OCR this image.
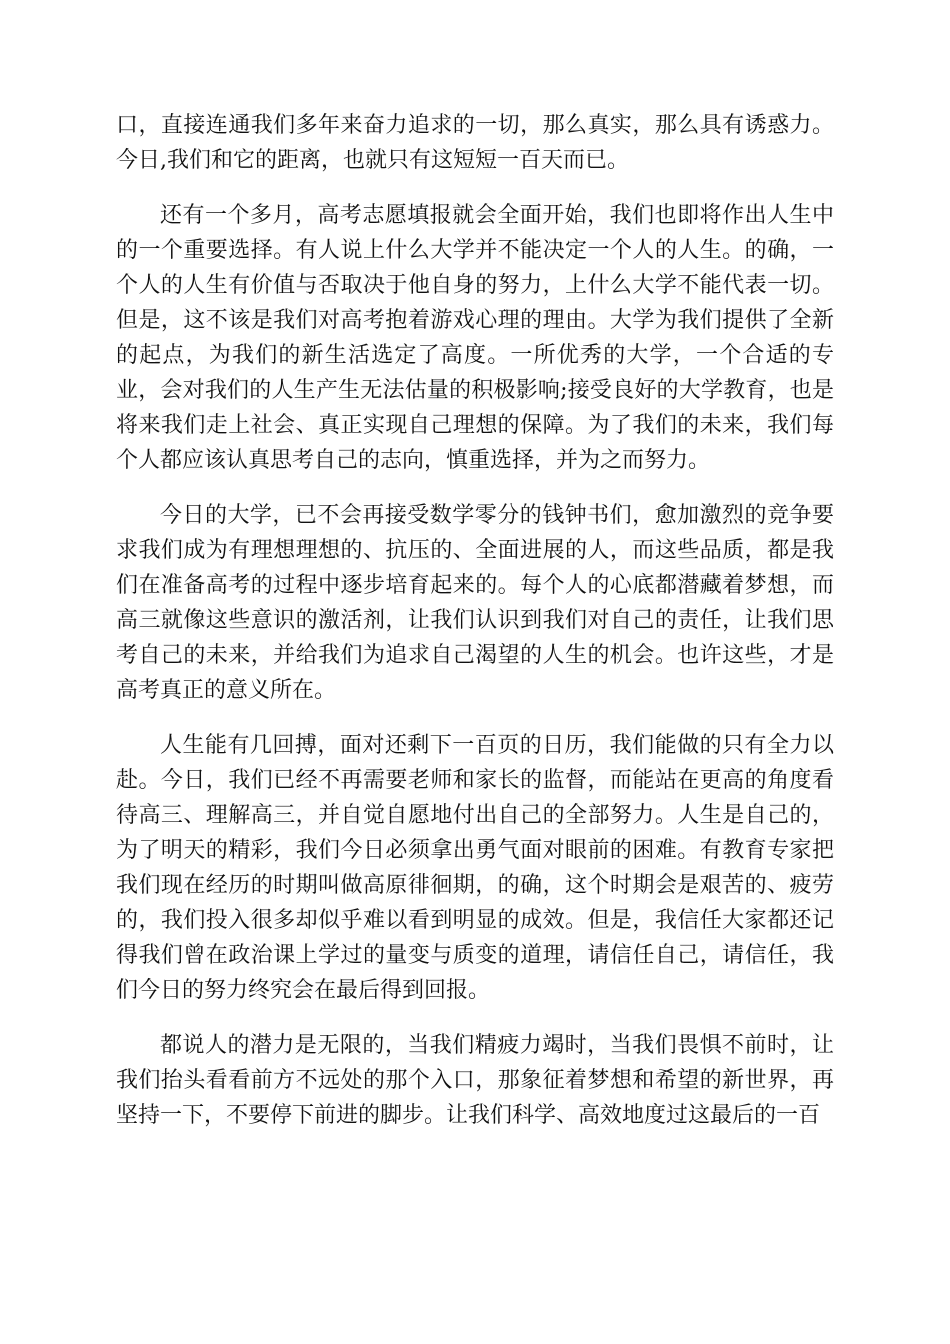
口，直接连通我们多年来奋力追求的一切，那么真实，那么具有诱惑力。今日,我们和它的距离，也就只有这短短一百天而已。

还有一个多月，高考志愿填报就会全面开始，我们也即将作出人生中的一个重要选择。有人说上什么大学并不能决定一个人的人生。的确，一个人的人生有价值与否取决于他自身的努力，上什么大学不能代表一切。但是，这不该是我们对高考抱着游戏心理的理由。大学为我们提供了全新的起点，为我们的新生活选定了高度。一所优秀的大学，一个合适的专业，会对我们的人生产生无法估量的积极影响;接受良好的大学教育，也是将来我们走上社会、真正实现自己理想的保障。为了我们的未来，我们每个人都应该认真思考自己的志向，慎重选择，并为之而努力。

今日的大学，已不会再接受数学零分的钱钟书们，愈加激烈的竞争要求我们成为有理想理想的、抗压的、全面进展的人，而这些品质，都是我们在准备高考的过程中逐步培育起来的。每个人的心底都潜藏着梦想，而高三就像这些意识的激活剂，让我们认识到我们对自己的责任，让我们思考自己的未来，并给我们为追求自己渴望的人生的机会。也许这些，才是高考真正的意义所在。

人生能有几回搏，面对还剩下一百页的日历，我们能做的只有全力以赴。今日，我们已经不再需要老师和家长的监督，而能站在更高的角度看待高三、理解高三，并自觉自愿地付出自己的全部努力。人生是自己的，为了明天的精彩，我们今日必须拿出勇气面对眼前的困难。有教育专家把我们现在经历的时期叫做高原徘徊期，的确，这个时期会是艰苦的、疲劳的，我们投入很多却似乎难以看到明显的成效。但是，我信任大家都还记得我们曾在政治课上学过的量变与质变的道理，请信任自己，请信任，我们今日的努力终究会在最后得到回报。

都说人的潜力是无限的，当我们精疲力竭时，当我们畏惧不前时，让我们抬头看看前方不远处的那个入口，那象征着梦想和希望的新世界，再坚持一下，不要停下前进的脚步。让我们科学、高效地度过这最后的一百
